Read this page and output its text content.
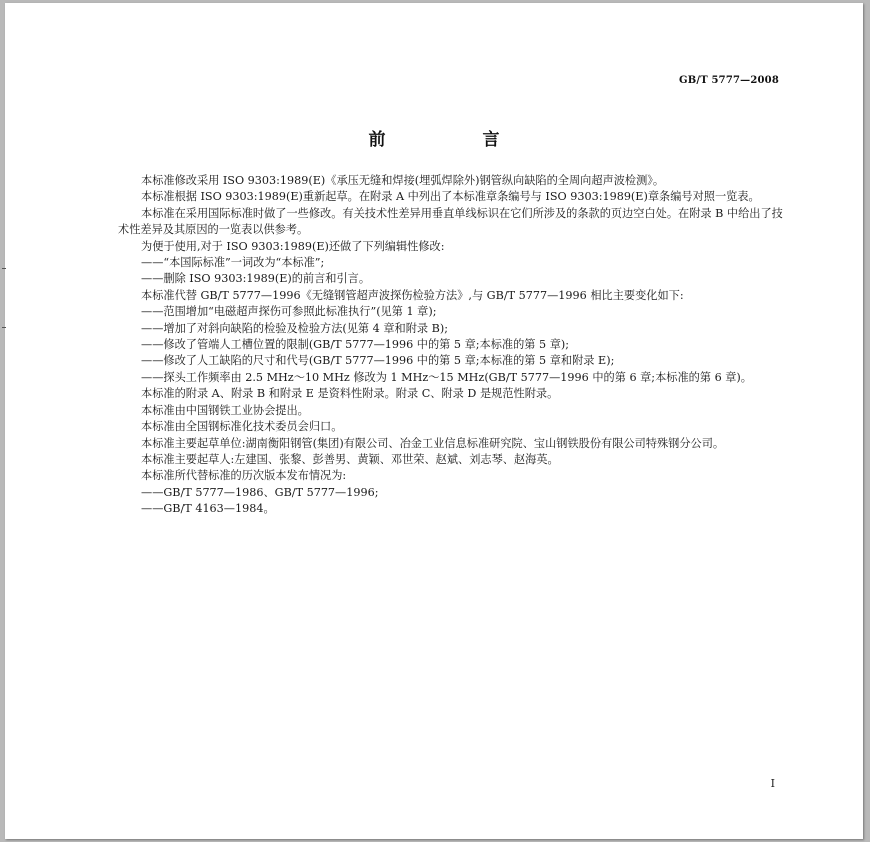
GB/T 5777—2008
前　言

本标准修改采用 ISO 9303:1989(E)《承压无缝和焊接(埋弧焊除外)钢管纵向缺陷的全周向超声波检测》。

本标准根据 ISO 9303:1989(E)重新起草。在附录 A 中列出了本标准章条编号与 ISO 9303:1989(E)章条编号对照一览表。

本标准在采用国际标准时做了一些修改。有关技术性差异用垂直单线标识在它们所涉及的条款的页边空白处。在附录 B 中给出了技术性差异及其原因的一览表以供参考。

为便于使用,对于 ISO 9303:1989(E)还做了下列编辑性修改:

——“本国际标准”一词改为“本标准”;

——删除 ISO 9303:1989(E)的前言和引言。

本标准代替 GB/T 5777—1996《无缝钢管超声波探伤检验方法》,与 GB/T 5777—1996 相比主要变化如下:

——范围增加“电磁超声探伤可参照此标准执行”(见第 1 章);

——增加了对斜向缺陷的检验及检验方法(见第 4 章和附录 B);

——修改了管端人工槽位置的限制(GB/T 5777—1996 中的第 5 章;本标准的第 5 章);

——修改了人工缺陷的尺寸和代号(GB/T 5777—1996 中的第 5 章;本标准的第 5 章和附录 E);

——探头工作频率由 2.5 MHz～10 MHz 修改为 1 MHz～15 MHz(GB/T 5777—1996 中的第 6 章;本标准的第 6 章)。

本标准的附录 A、附录 B 和附录 E 是资料性附录。附录 C、附录 D 是规范性附录。

本标准由中国钢铁工业协会提出。

本标准由全国钢标准化技术委员会归口。

本标准主要起草单位:湖南衡阳钢管(集团)有限公司、冶金工业信息标准研究院、宝山钢铁股份有限公司特殊钢分公司。

本标准主要起草人:左建国、张黎、彭善男、黄颖、邓世荣、赵斌、刘志琴、赵海英。

本标准所代替标准的历次版本发布情况为:

——GB/T 5777—1986、GB/T 5777—1996;

——GB/T 4163—1984。

I
